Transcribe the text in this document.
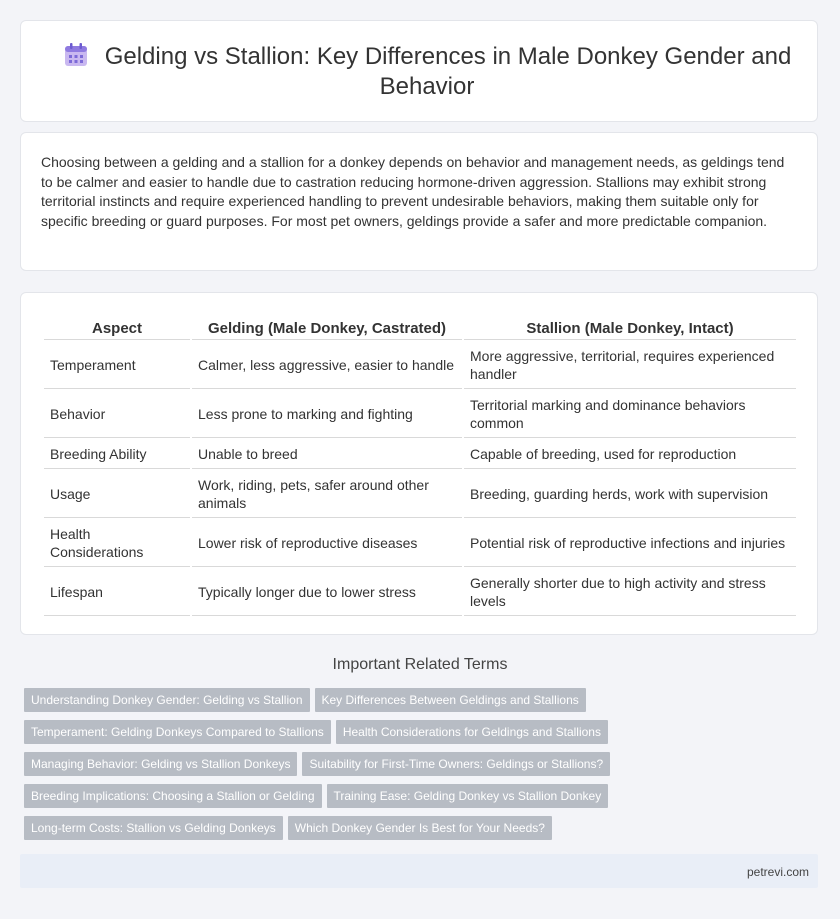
Gelding vs Stallion: Key Differences in Male Donkey Gender and Behavior

Choosing between a gelding and a stallion for a donkey depends on behavior and management needs, as geldings tend to be calmer and easier to handle due to castration reducing hormone-driven aggression. Stallions may exhibit strong territorial instincts and require experienced handling to prevent undesirable behaviors, making them suitable only for specific breeding or guard purposes. For most pet owners, geldings provide a safer and more predictable companion.

Aspect	Gelding (Male Donkey, Castrated)	Stallion (Male Donkey, Intact)
Temperament	Calmer, less aggressive, easier to handle	More aggressive, territorial, requires experienced handler
Behavior	Less prone to marking and fighting	Territorial marking and dominance behaviors common
Breeding Ability	Unable to breed	Capable of breeding, used for reproduction
Usage	Work, riding, pets, safer around other animals	Breeding, guarding herds, work with supervision
Health Considerations	Lower risk of reproductive diseases	Potential risk of reproductive infections and injuries
Lifespan	Typically longer due to lower stress	Generally shorter due to high activity and stress levels
Important Related Terms
Understanding Donkey Gender: Gelding vs Stallion Key Differences Between Geldings and Stallions
Temperament: Gelding Donkeys Compared to Stallions Health Considerations for Geldings and Stallions
Managing Behavior: Gelding vs Stallion Donkeys Suitability for First-Time Owners: Geldings or Stallions?
Breeding Implications: Choosing a Stallion or Gelding Training Ease: Gelding Donkey vs Stallion Donkey
Long-term Costs: Stallion vs Gelding Donkeys Which Donkey Gender Is Best for Your Needs?
petrevi.com
